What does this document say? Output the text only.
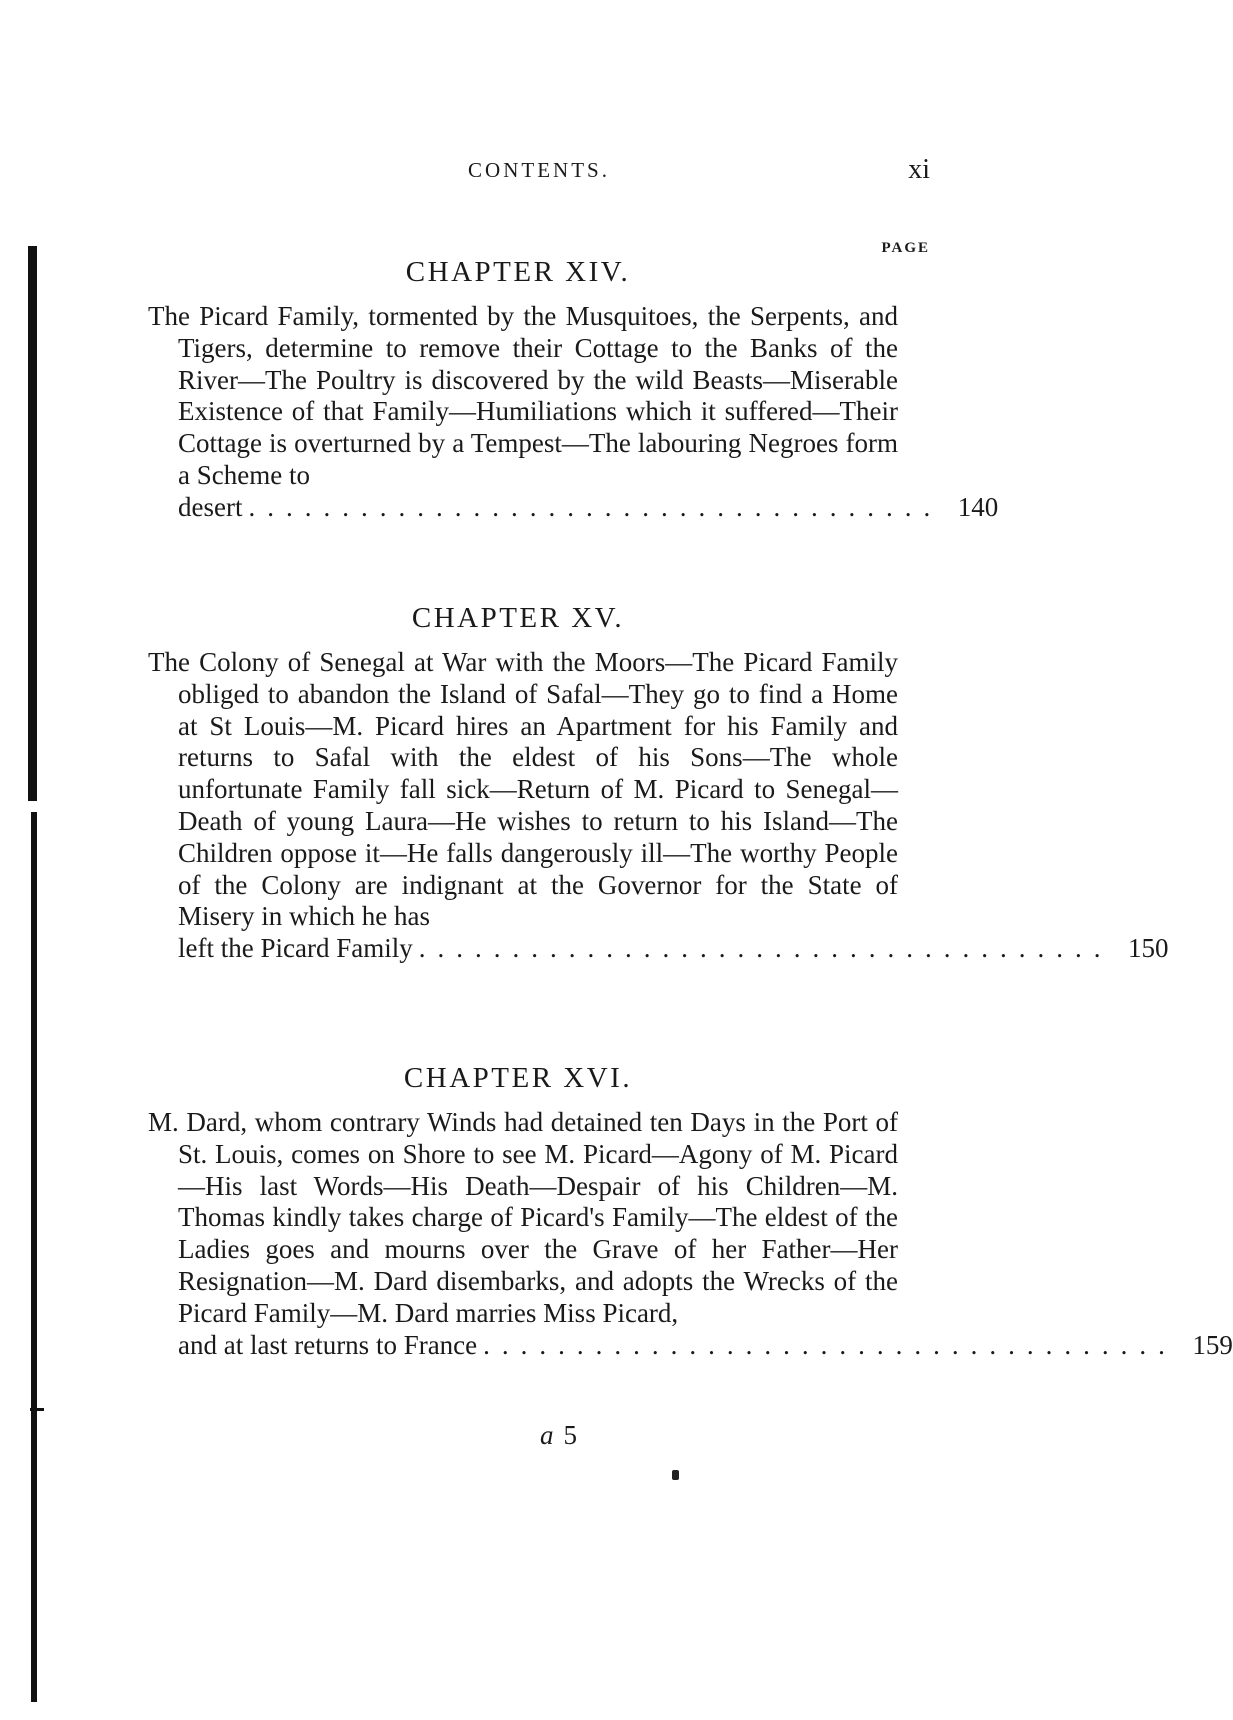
CONTENTS.	xi
PAGE
CHAPTER XIV.

The Picard Family, tormented by the Musquitoes, the Serpents, and Tigers, determine to remove their Cottage to the Banks of the River—The Poultry is discovered by the wild Beasts—Miserable Existence of that Family—Humiliations which it suffered—Their Cottage is overturned by a Tempest—The labouring Negroes form a Scheme to

desert ..................................... 140
CHAPTER XV.

The Colony of Senegal at War with the Moors—The Picard Family obliged to abandon the Island of Safal—They go to find a Home at St Louis—M. Picard hires an Apartment for his Family and returns to Safal with the eldest of his Sons—The whole unfortunate Family fall sick—Return of M. Picard to Senegal—Death of young Laura—He wishes to return to his Island—The Children oppose it—He falls dangerously ill—The worthy People of the Colony are indignant at the Governor for the State of Misery in which he has

left the Picard Family ..................................... 150
CHAPTER XVI.

M. Dard, whom contrary Winds had detained ten Days in the Port of St. Louis, comes on Shore to see M. Picard—Agony of M. Picard—His last Words—His Death—Despair of his Children—M. Thomas kindly takes charge of Picard's Family—The eldest of the Ladies goes and mourns over the Grave of her Father—Her Resignation—M. Dard disembarks, and adopts the Wrecks of the Picard Family—M. Dard marries Miss Picard,

and at last returns to France ..................................... 159
a 5
